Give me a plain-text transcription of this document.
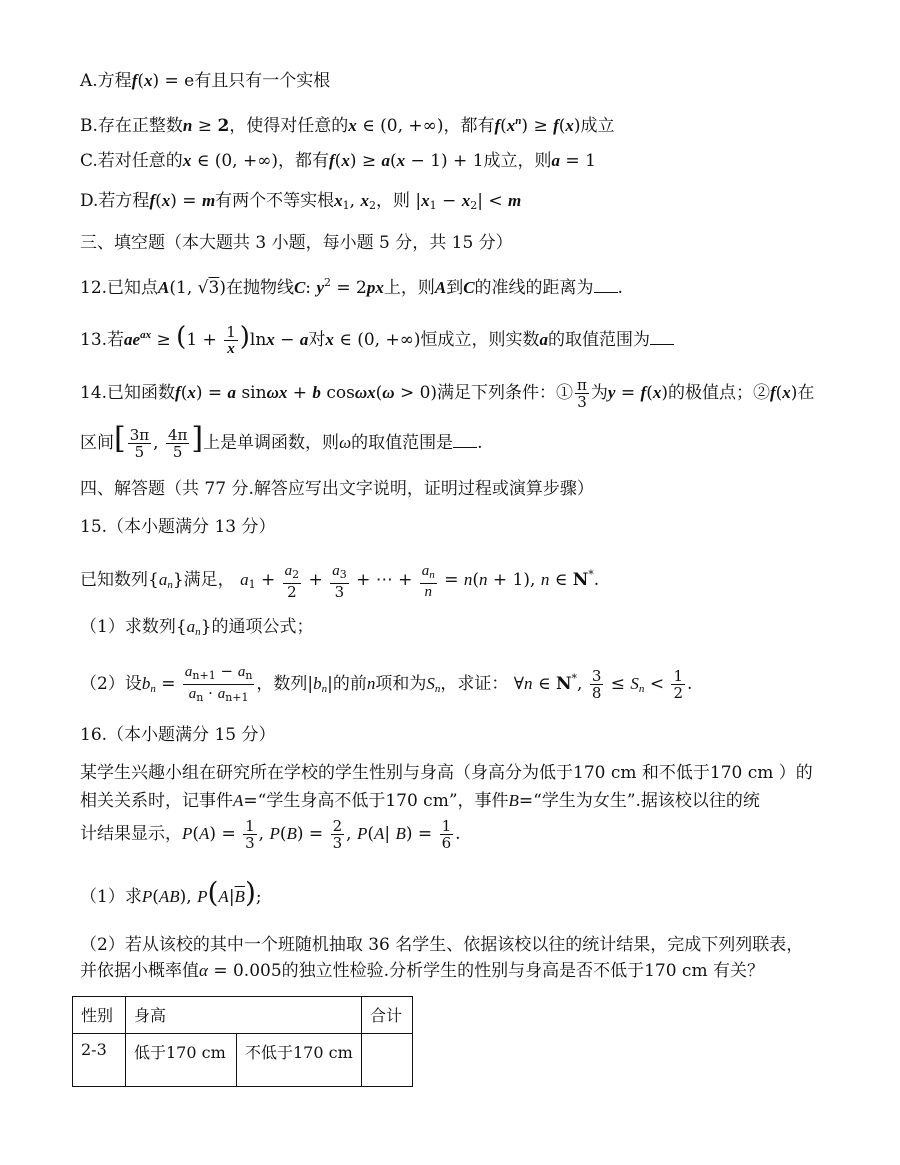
A.方程f(x) = e有且只有一个实根
B.存在正整数n ≥ 2，使得对任意的x ∈ (0, +∞)，都有$f(x^n) \ge f(x)$成立
C.若对任意的x ∈ (0, +∞)，都有f(x) ≥ a(x − 1) + 1成立，则a = 1
D.若方程f(x) = m有两个不等实根$x_1$, $x_2$，则 $|x_1 - x_2| < m$
三、填空题（本大题共 3 小题，每小题 5 分，共 15 分）
12.已知点A(1, √3)在抛物线C: $y^2 = 2px$上，则A到C的准线的距离为 .
13.若$ae^{ax} \ge (1 + \frac{1}{x} )\ln x - a$对x ∈ (0, +∞)恒成立，则实数a的取值范围为
14.已知函数f(x) = a sinωx + b cosωx(ω > 0)满足下列条件：① $\frac{\pi}{3}$ 为y = f(x)的极值点；②f(x)在
区间[ $\frac{3\pi}{5}$ , $\frac{4\pi}{5}$ ]上是单调函数，则ω的取值范围是 .
四、解答题（共 77 分.解答应写出文字说明，证明过程或演算步骤）
15.（本小题满分 13 分）
已知数列$\{a_n\}$满足， $a_1 + \frac{a_2}{2} + \frac{a_3}{3}$ + ⋯ + $\frac{a_n}{n} = n(n + 1)$, n ∈ N*.
（1）求数列$\{a_n\}$的通项公式；
（2）设$b_n = \frac{a_{n+1} - a_n}{a_n \cdot a_{n+1}}$ ，数列$|b_n|$的前n项和为$S_n$，求证： ∀n ∈ N*, $\frac{3}{8} \le S_n < \frac{1}{2}$ .
16.（本小题满分 15 分）
某学生兴趣小组在研究所在学校的学生性别与身高（身高分为低于170 cm 和不低于170 cm ）的
相关关系时，记事件A=“学生身高不低于170 cm”，事件B=“学生为女生”.据该校以往的统
计结果显示，$P(A) = \frac{1}{3}$ , $P(B) = \frac{2}{3}$ , P(A| $B) = \frac{1}{6}$ .
（1）求P(AB), $P(A|\overline{B})$;
（2）若从该校的其中一个班随机抽取 36 名学生、依据该校以往的统计结果，完成下列列联表，
并依据小概率值α = 0.005的独立性检验.分析学生的性别与身高是否不低于170 cm 有关？
性别	身高		合计
2-3	低于170 cm	不低于170 cm	
